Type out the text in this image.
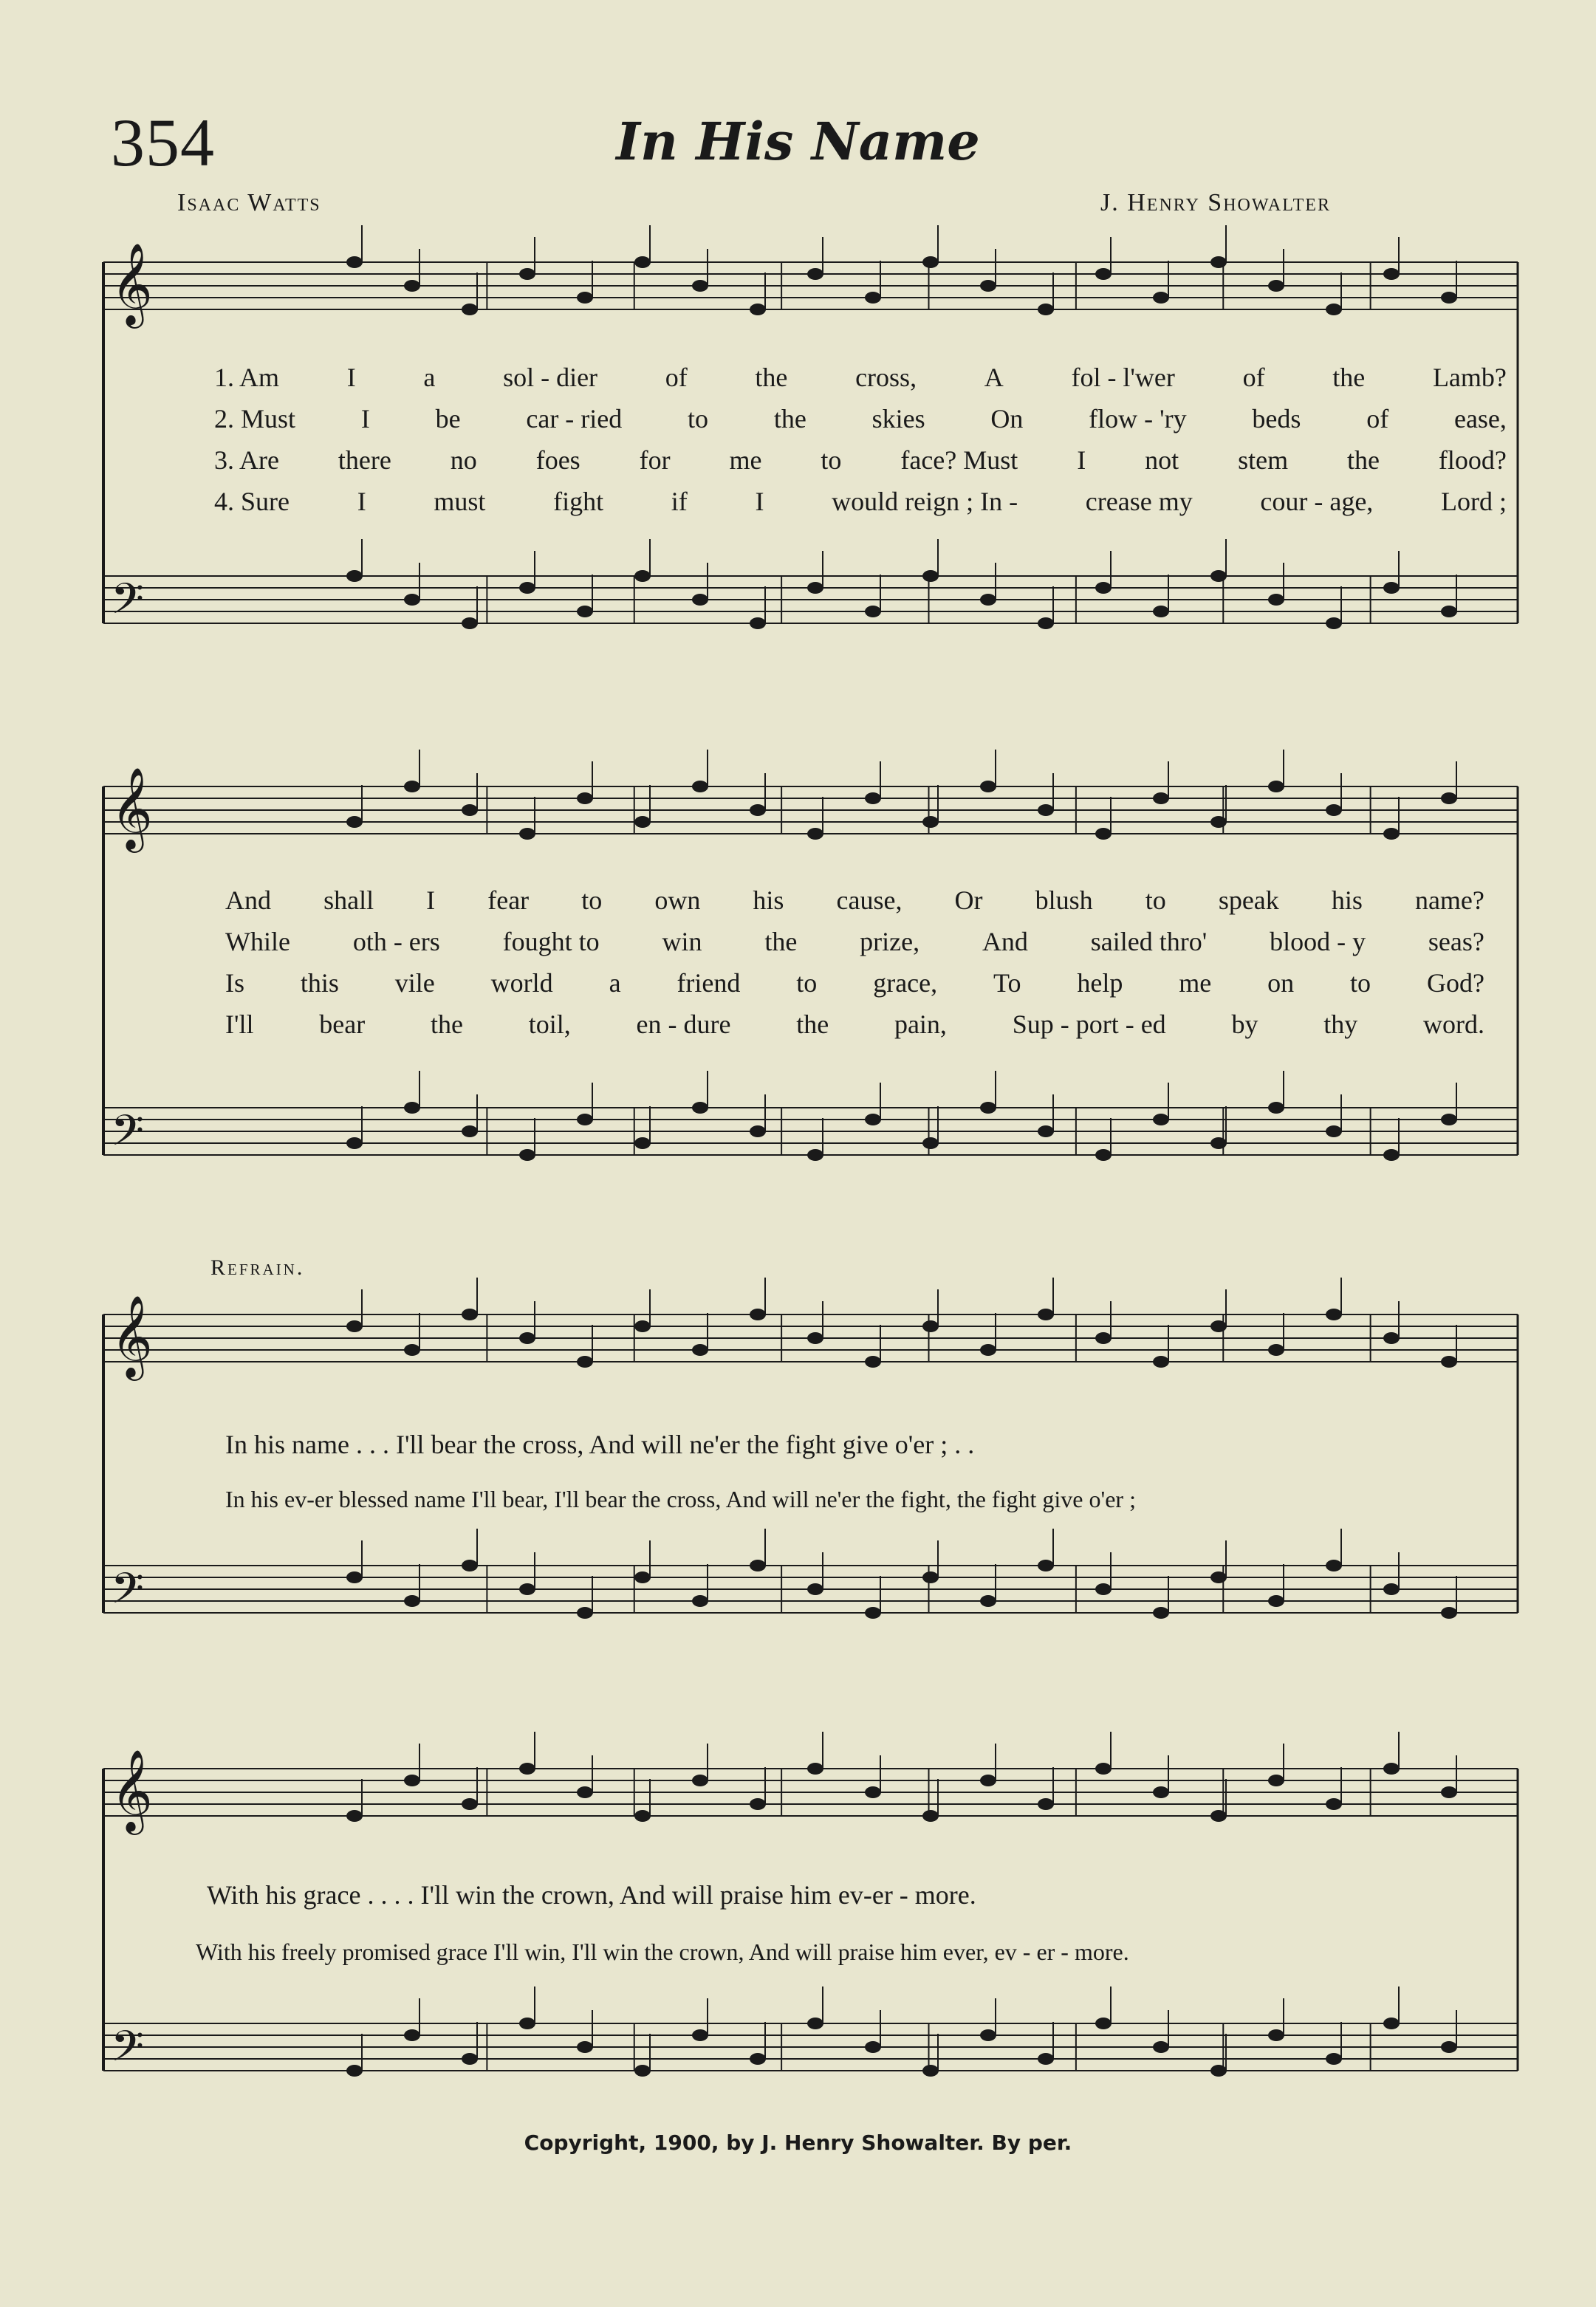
354	In His Name
Isaac Watts	J. Henry Showalter
𝄞
𝄢
𝄞
𝄢
𝄞
𝄢
𝄞
𝄢
1. Am	I	a	sol - dier	of	the	cross,	A	fol - l'wer	of	the	Lamb?
2. Must I be car - ried to the skies On flow - 'ry beds of ease,
3. Are there no foes for me to face? Must I not stem the flood?
4. Sure	I	must	fight	if	I	would reign ; In -	crease my	cour - age,	Lord ;
And shall I fear to own his cause, Or blush to speak his name?
While oth - ers fought to win the prize, And sailed thro' blood - y seas?
Is this vile world a friend to grace, To help me on to God?
I'll bear the toil, en - dure the pain, Sup - port - ed by thy word.
Refrain.
In his name . . . I'll bear the cross, And will ne'er the fight give o'er ; . .
In his ev-er blessed name I'll bear, I'll bear the cross, And will ne'er the fight, the fight give o'er ;
With his grace . . . . I'll win the crown, And will praise him ev-er - more.
With his freely promised grace I'll win, I'll win the crown, And will praise him ever, ev - er - more.
Copyright, 1900, by J. Henry Showalter. By per.
